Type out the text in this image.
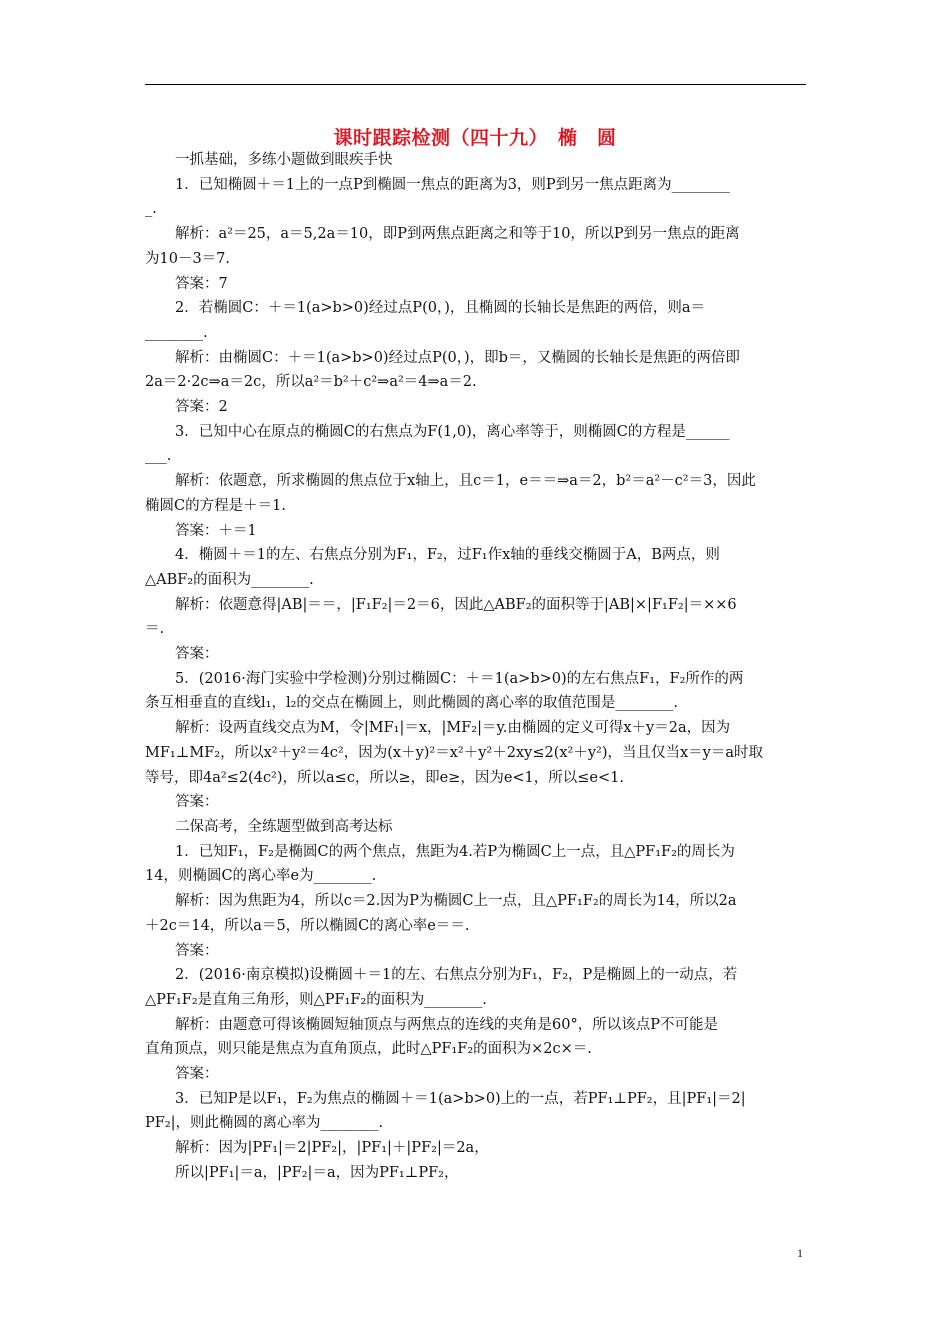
课时跟踪检测（四十九）　椭　圆

一抓基础，多练小题做到眼疾手快

1．已知椭圆＋＝1上的一点P到椭圆一焦点的距离为3，则P到另一焦点距离为________

_.

解析：a²＝25，a＝5,2a＝10，即P到两焦点距离之和等于10，所以P到另一焦点的距离

为10－3＝7.

答案：7

2．若椭圆C：＋＝1(a>b>0)经过点P(0，)，且椭圆的长轴长是焦距的两倍，则a＝

________.

解析：由椭圆C：＋＝1(a>b>0)经过点P(0，)，即b＝，又椭圆的长轴长是焦距的两倍即

2a＝2·2c⇒a＝2c，所以a²＝b²＋c²⇒a²＝4⇒a＝2.

答案：2

3．已知中心在原点的椭圆C的右焦点为F(1,0)，离心率等于，则椭圆C的方程是______

___.

解析：依题意，所求椭圆的焦点位于x轴上，且c＝1，e＝＝⇒a＝2，b²＝a²－c²＝3，因此

椭圆C的方程是＋＝1.

答案：＋＝1

4．椭圆＋＝1的左、右焦点分别为F₁，F₂，过F₁作x轴的垂线交椭圆于A，B两点，则

△ABF₂的面积为________.

解析：依题意得|AB|＝＝，|F₁F₂|＝2＝6，因此△ABF₂的面积等于|AB|×|F₁F₂|＝××6

＝.

答案：

5．(2016·海门实验中学检测)分别过椭圆C：＋＝1(a>b>0)的左右焦点F₁，F₂所作的两

条互相垂直的直线l₁，l₂的交点在椭圆上，则此椭圆的离心率的取值范围是________.

解析：设两直线交点为M，令|MF₁|＝x，|MF₂|＝y.由椭圆的定义可得x＋y＝2a，因为

MF₁⊥MF₂，所以x²＋y²＝4c²，因为(x＋y)²＝x²＋y²＋2xy≤2(x²＋y²)，当且仅当x＝y＝a时取

等号，即4a²≤2(4c²)，所以a≤c，所以≥，即e≥，因为e<1，所以≤e<1.

答案：

二保高考，全练题型做到高考达标

1．已知F₁，F₂是椭圆C的两个焦点，焦距为4.若P为椭圆C上一点，且△PF₁F₂的周长为

14，则椭圆C的离心率e为________.

解析：因为焦距为4，所以c＝2.因为P为椭圆C上一点，且△PF₁F₂的周长为14，所以2a

＋2c＝14，所以a＝5，所以椭圆C的离心率e＝＝.

答案：

2．(2016·南京模拟)设椭圆＋＝1的左、右焦点分别为F₁，F₂，P是椭圆上的一动点，若

△PF₁F₂是直角三角形，则△PF₁F₂的面积为________.

解析：由题意可得该椭圆短轴顶点与两焦点的连线的夹角是60°，所以该点P不可能是

直角顶点，则只能是焦点为直角顶点，此时△PF₁F₂的面积为×2c×＝.

答案：

3．已知P是以F₁，F₂为焦点的椭圆＋＝1(a>b>0)上的一点，若PF₁⊥PF₂，且|PF₁|＝2|

PF₂|，则此椭圆的离心率为________.

解析：因为|PF₁|＝2|PF₂|，|PF₁|＋|PF₂|＝2a，

所以|PF₁|＝a，|PF₂|＝a，因为PF₁⊥PF₂，

1
